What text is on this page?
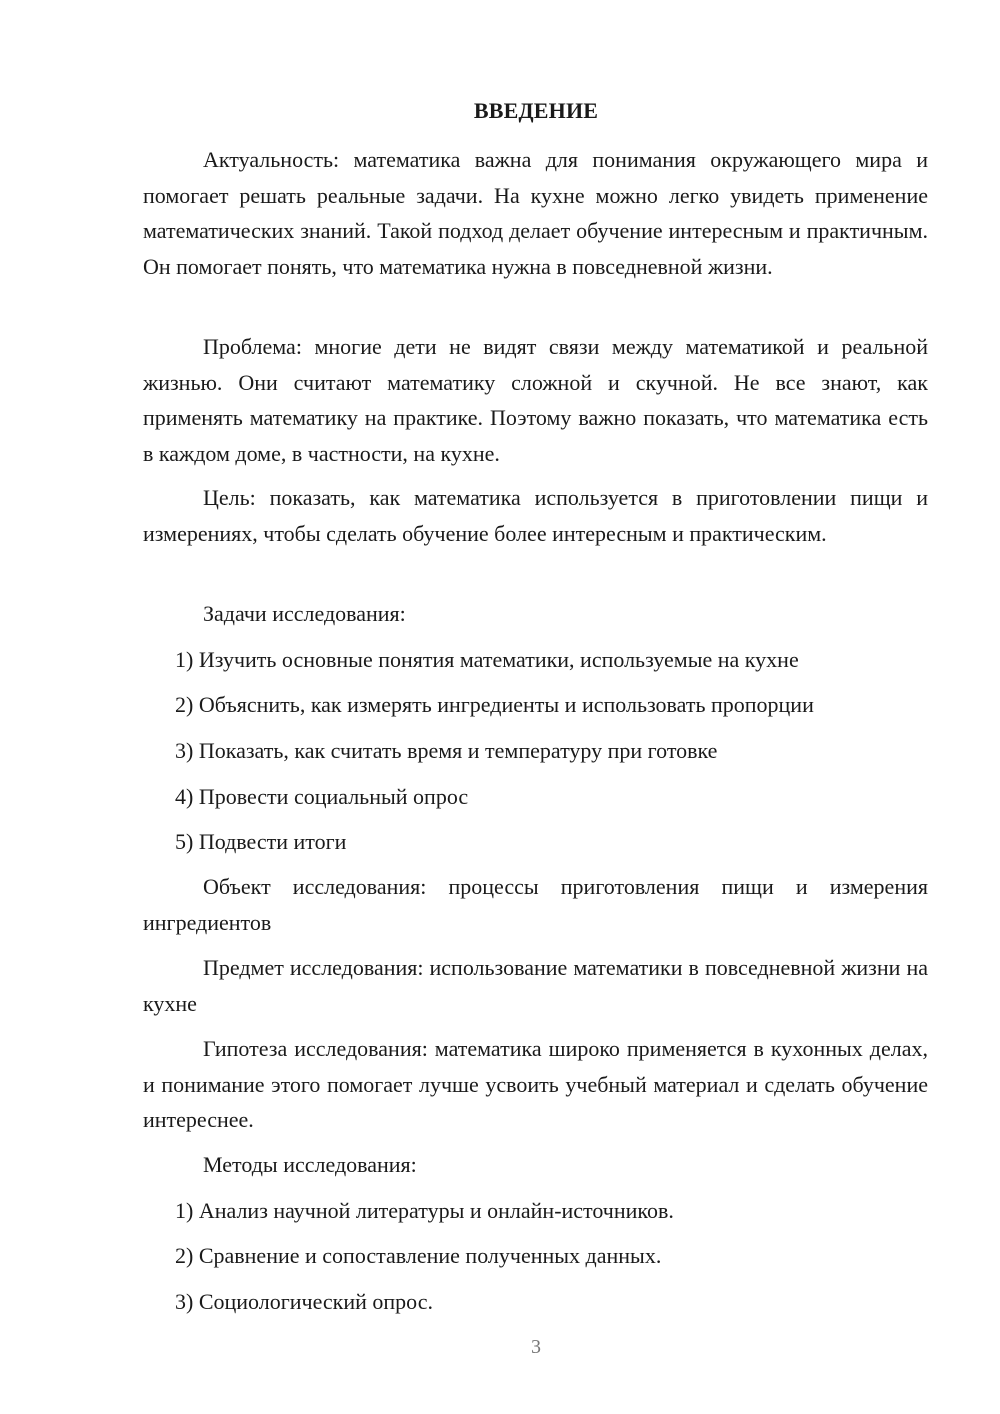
ВВЕДЕНИЕ

Актуальность: математика важна для понимания окружающего мира и помогает решать реальные задачи. На кухне можно легко увидеть применение математических знаний. Такой подход делает обучение интересным и практичным. Он помогает понять, что математика нужна в повседневной жизни.

Проблема: многие дети не видят связи между математикой и реальной жизнью. Они считают математику сложной и скучной. Не все знают, как применять математику на практике. Поэтому важно показать, что математика есть в каждом доме, в частности, на кухне.

Цель: показать, как математика используется в приготовлении пищи и измерениях, чтобы сделать обучение более интересным и практическим.

Задачи исследования:
1) Изучить основные понятия математики, используемые на кухне
2) Объяснить, как измерять ингредиенты и использовать пропорции
3) Показать, как считать время и температуру при готовке
4) Провести социальный опрос
5) Подвести итоги

Объект исследования: процессы приготовления пищи и измерения ингредиентов

Предмет исследования: использование математики в повседневной жизни на кухне

Гипотеза исследования: математика широко применяется в кухонных делах, и понимание этого помогает лучше усвоить учебный материал и сделать обучение интереснее.

Методы исследования:
1) Анализ научной литературы и онлайн-источников.
2) Сравнение и сопоставление полученных данных.
3) Социологический опрос.
3
